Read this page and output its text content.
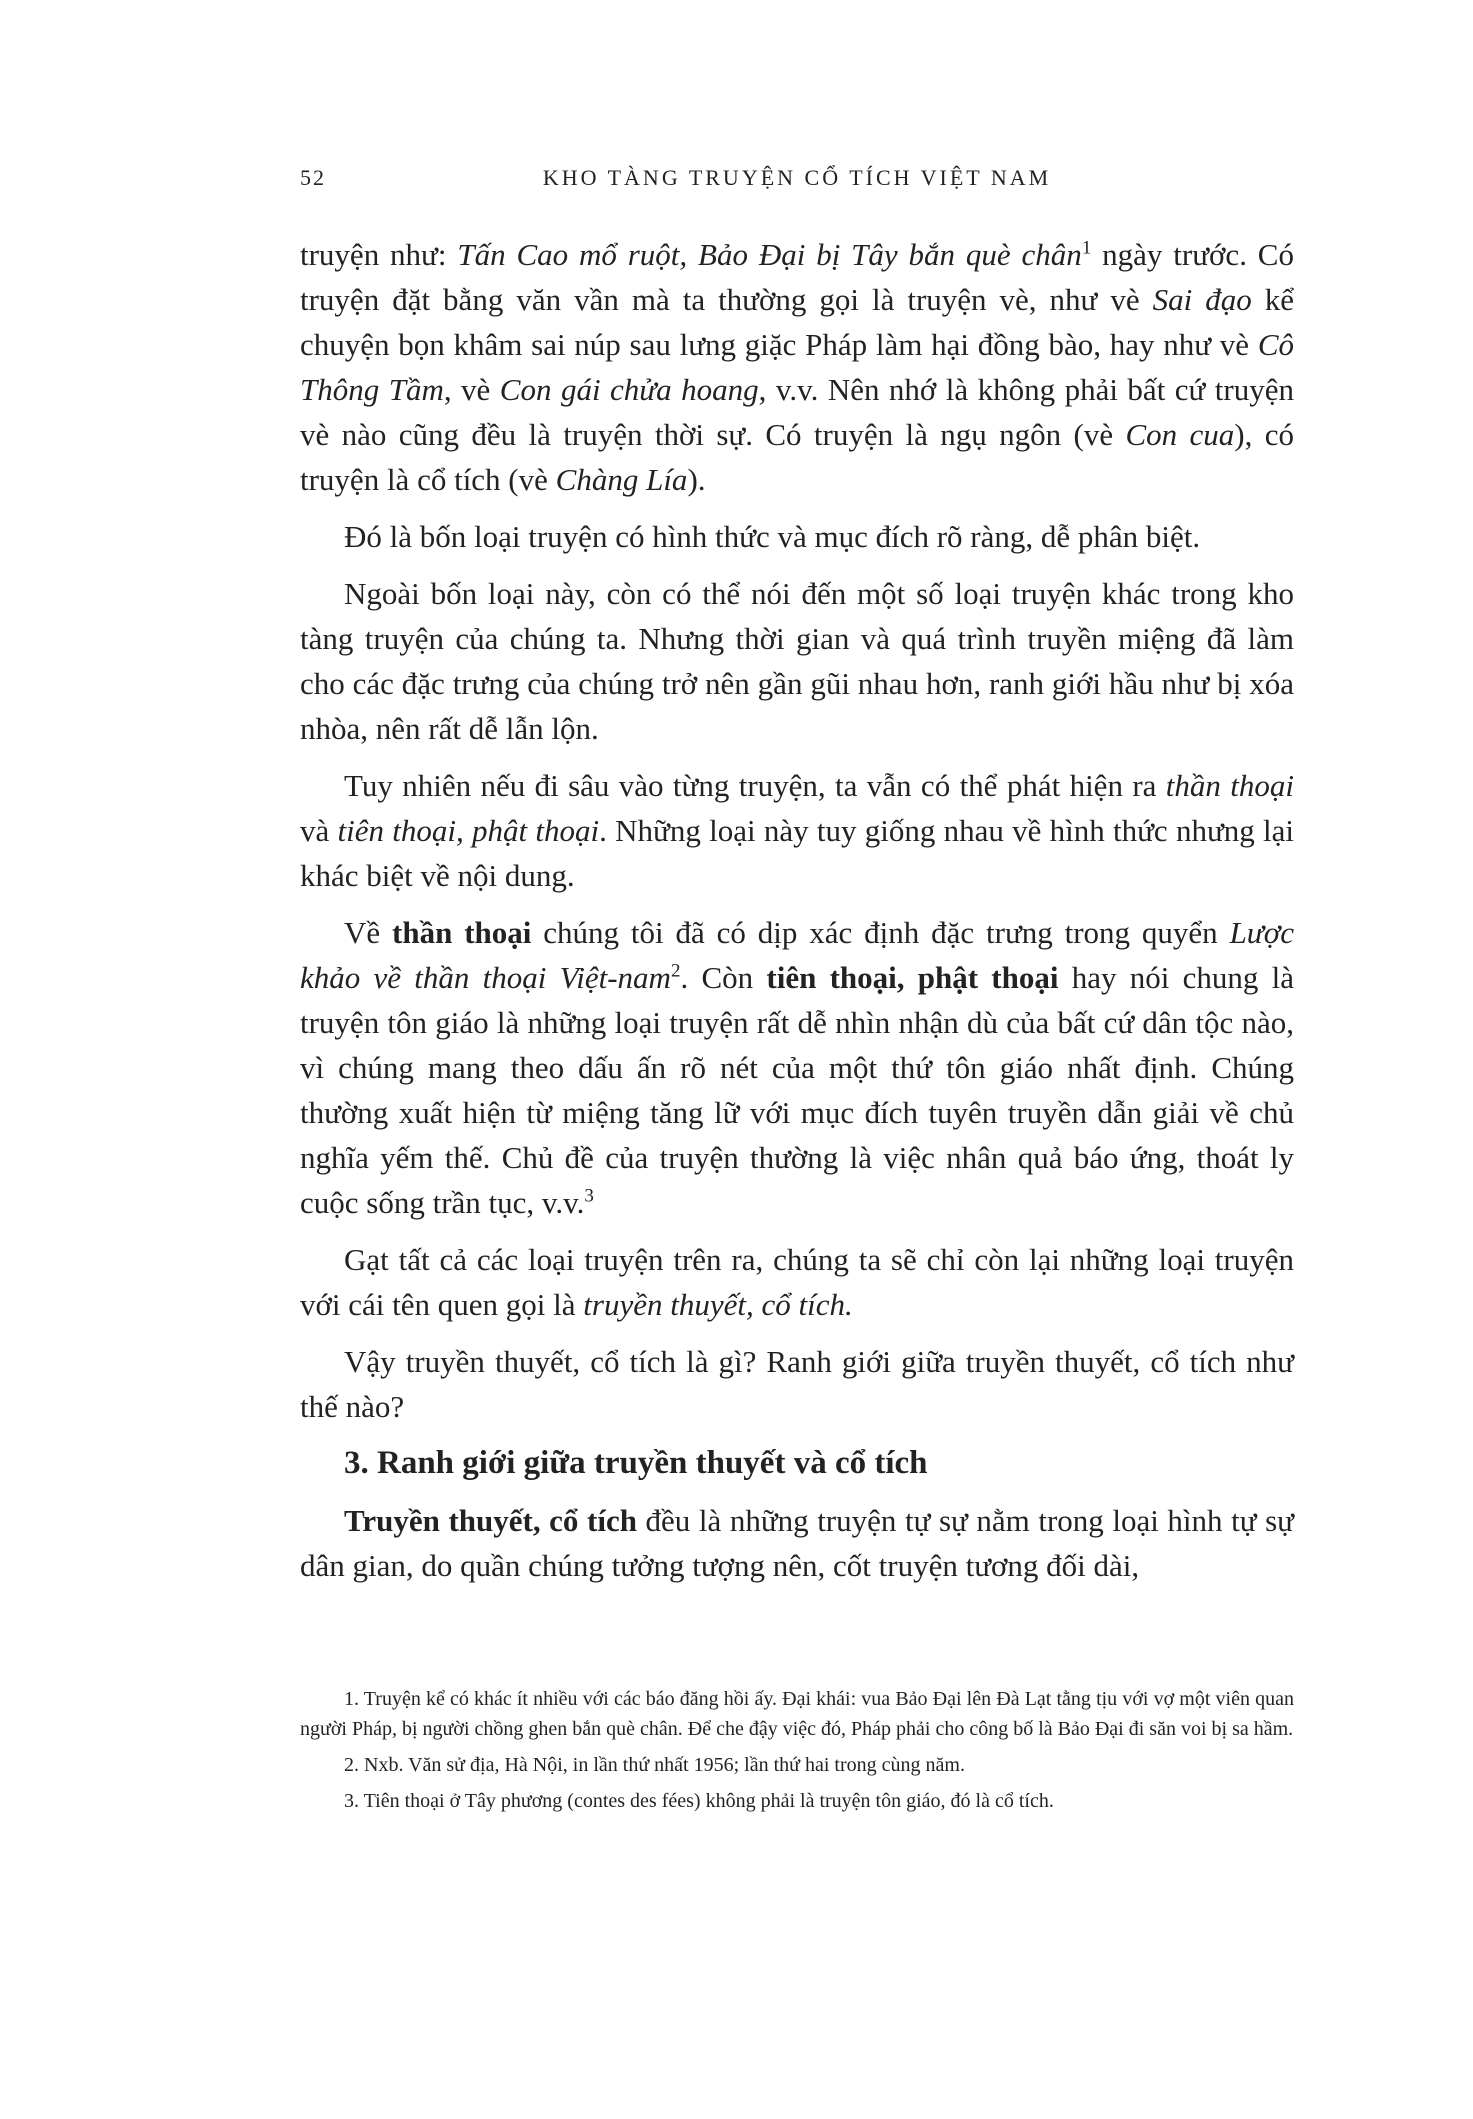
52	KHO TÀNG TRUYỆN CỔ TÍCH VIỆT NAM

truyện như: Tấn Cao mổ ruột, Bảo Đại bị Tây bắn què chân$^1$ ngày trước. Có truyện đặt bằng văn vần mà ta thường gọi là truyện vè, như vè Sai đạo kể chuyện bọn khâm sai núp sau lưng giặc Pháp làm hại đồng bào, hay như vè Cô Thông Tầm, vè Con gái chửa hoang, v.v. Nên nhớ là không phải bất cứ truyện vè nào cũng đều là truyện thời sự. Có truyện là ngụ ngôn (vè Con cua), có truyện là cổ tích (vè Chàng Lía).

Đó là bốn loại truyện có hình thức và mục đích rõ ràng, dễ phân biệt.

Ngoài bốn loại này, còn có thể nói đến một số loại truyện khác trong kho tàng truyện của chúng ta. Nhưng thời gian và quá trình truyền miệng đã làm cho các đặc trưng của chúng trở nên gần gũi nhau hơn, ranh giới hầu như bị xóa nhòa, nên rất dễ lẫn lộn.

Tuy nhiên nếu đi sâu vào từng truyện, ta vẫn có thể phát hiện ra thần thoại và tiên thoại, phật thoại. Những loại này tuy giống nhau về hình thức nhưng lại khác biệt về nội dung.

Về thần thoại chúng tôi đã có dịp xác định đặc trưng trong quyển Lược khảo về thần thoại Việt-nam$^2$. Còn tiên thoại, phật thoại hay nói chung là truyện tôn giáo là những loại truyện rất dễ nhìn nhận dù của bất cứ dân tộc nào, vì chúng mang theo dấu ấn rõ nét của một thứ tôn giáo nhất định. Chúng thường xuất hiện từ miệng tăng lữ với mục đích tuyên truyền dẫn giải về chủ nghĩa yếm thế. Chủ đề của truyện thường là việc nhân quả báo ứng, thoát ly cuộc sống trần tục, v.v.$^3$

Gạt tất cả các loại truyện trên ra, chúng ta sẽ chỉ còn lại những loại truyện với cái tên quen gọi là truyền thuyết, cổ tích.

Vậy truyền thuyết, cổ tích là gì? Ranh giới giữa truyền thuyết, cổ tích như thế nào?

3. Ranh giới giữa truyền thuyết và cổ tích

Truyền thuyết, cổ tích đều là những truyện tự sự nằm trong loại hình tự sự dân gian, do quần chúng tưởng tượng nên, cốt truyện tương đối dài,

1. Truyện kể có khác ít nhiều với các báo đăng hồi ấy. Đại khái: vua Bảo Đại lên Đà Lạt tằng tịu với vợ một viên quan người Pháp, bị người chồng ghen bắn què chân. Để che đậy việc đó, Pháp phải cho công bố là Bảo Đại đi săn voi bị sa hầm.

2. Nxb. Văn sử địa, Hà Nội, in lần thứ nhất 1956; lần thứ hai trong cùng năm.

3. Tiên thoại ở Tây phương (contes des fées) không phải là truyện tôn giáo, đó là cổ tích.
